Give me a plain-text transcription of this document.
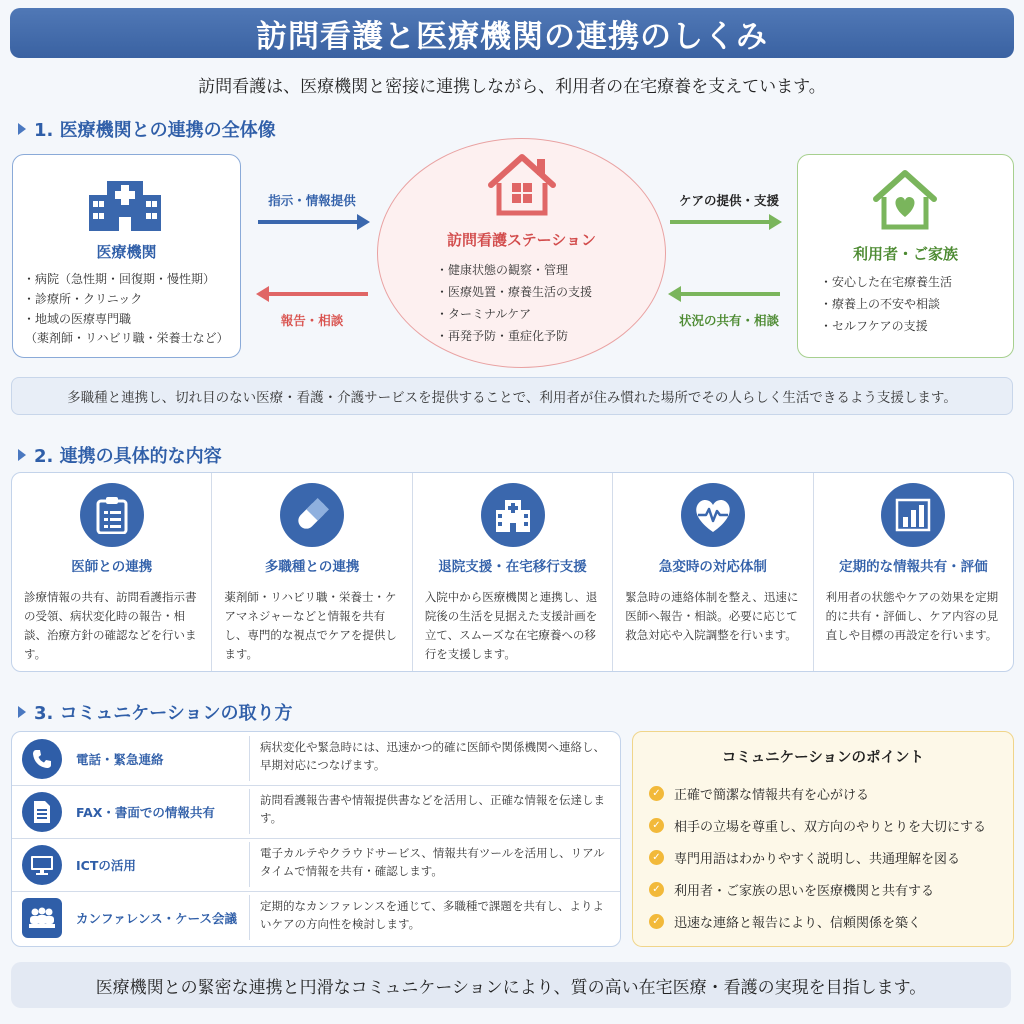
訪問看護と医療機関の連携のしくみ
訪問看護は、医療機関と密接に連携しながら、利用者の在宅療養を支えています。
1. 医療機関との連携の全体像
医療機関
・ 病院（急性期・回復期・慢性期）
・ 診療所・クリニック
・ 地域の医療専門職
（薬剤師・リハビリ職・栄養士など）
指示・情報提供
報告・相談
訪問看護ステーション
・ 健康状態の観察・管理
・ 医療処置・療養生活の支援
・ ターミナルケア
・ 再発予防・重症化予防
ケアの提供・支援
状況の共有・相談
利用者・ご家族
・ 安心した在宅療養生活
・ 療養上の不安や相談
・ セルフケアの支援
多職種と連携し、切れ目のない医療・看護・介護サービスを提供することで、利用者が住み慣れた場所でその人らしく生活できるよう支援します。
2. 連携の具体的な内容
医師との連携
診療情報の共有、訪問看護指示書の受領、病状変化時の報告・相談、治療方針の確認などを行います。
多職種との連携
薬剤師・リハビリ職・栄養士・ケアマネジャーなどと情報を共有し、専門的な視点でケアを提供します。
退院支援・在宅移行支援
入院中から医療機関と連携し、退院後の生活を見据えた支援計画を立て、スムーズな在宅療養への移行を支援します。
急変時の対応体制
緊急時の連絡体制を整え、迅速に医師へ報告・相談。必要に応じて救急対応や入院調整を行います。
定期的な情報共有・評価
利用者の状態やケアの効果を定期的に共有・評価し、ケア内容の見直しや目標の再設定を行います。
3. コミュニケーションの取り方
電話・緊急連絡
病状変化や緊急時には、迅速かつ的確に医師や関係機関へ連絡し、早期対応につなげます。
FAX・書面での情報共有
訪問看護報告書や情報提供書などを活用し、正確な情報を伝達します。
ICTの活用
電子カルテやクラウドサービス、情報共有ツールを活用し、リアルタイムで情報を共有・確認します。
カンファレンス・ケース会議
定期的なカンファレンスを通じて、多職種で課題を共有し、よりよいケアの方向性を検討します。
コミュニケーションのポイント
✓ 正確で簡潔な情報共有を心がける
✓ 相手の立場を尊重し、双方向のやりとりを大切にする
✓ 専門用語はわかりやすく説明し、共通理解を図る
✓ 利用者・ご家族の思いを医療機関と共有する
✓ 迅速な連絡と報告により、信頼関係を築く
医療機関との緊密な連携と円滑なコミュニケーションにより、質の高い在宅医療・看護の実現を目指します。
